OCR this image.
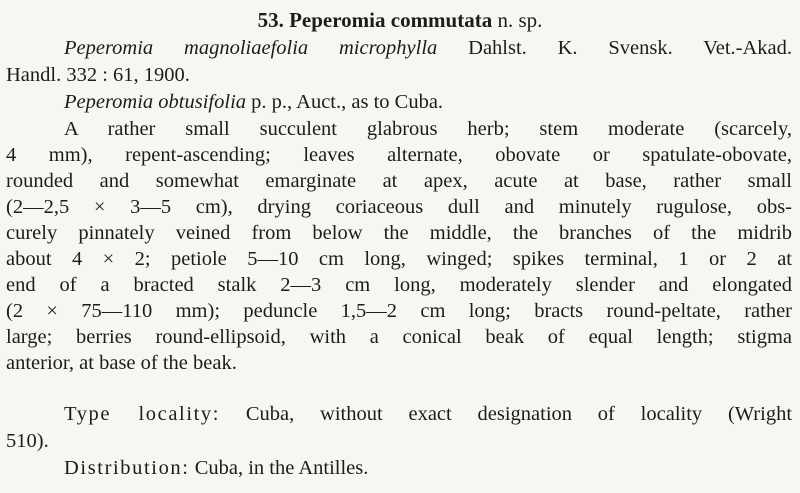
53. Peperomia commutata n. sp.
Peperomia magnoliaefolia microphylla Dahlst. K. Svensk. Vet.-Akad.
Handl. 332 : 61, 1900.
Peperomia obtusifolia p. p., Auct., as to Cuba.
A rather small succulent glabrous herb; stem moderate (scarcely,
4 mm), repent-ascending; leaves alternate, obovate or spatulate-obovate,
rounded and somewhat emarginate at apex, acute at base, rather small
(2—2,5 × 3—5 cm), drying coriaceous dull and minutely rugulose, obs-
curely pinnately veined from below the middle, the branches of the midrib
about 4 × 2; petiole 5—10 cm long, winged; spikes terminal, 1 or 2 at
end of a bracted stalk 2—3 cm long, moderately slender and elongated
(2 × 75—110 mm); peduncle 1,5—2 cm long; bracts round-peltate, rather
large; berries round-ellipsoid, with a conical beak of equal length; stigma
anterior, at base of the beak.
Type locality: Cuba, without exact designation of locality (Wright
510).
Distribution: Cuba, in the Antilles.
